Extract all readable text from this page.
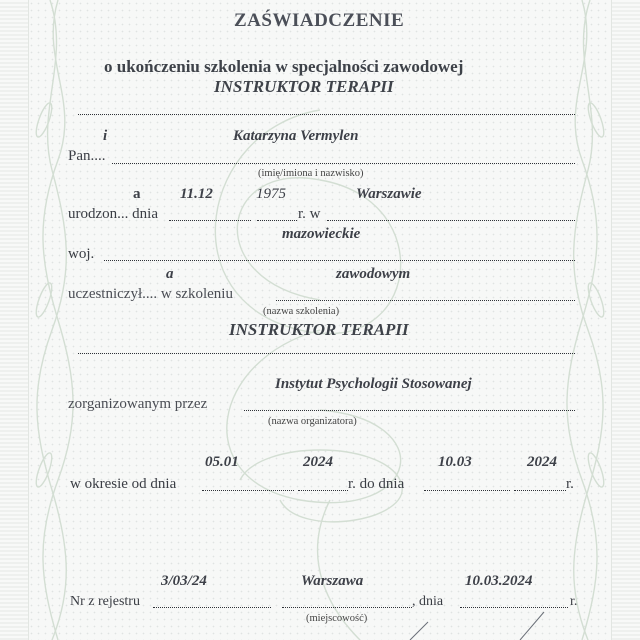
ZAŚWIADCZENIE
o ukończeniu szkolenia w specjalności zawodowej
INSTRUKTOR TERAPII
i	Katarzyna Vermylen
Pan....
(imię/imiona i nazwisko)
a	11.12	1975	Warszawie
urodzon... dnia	r. w
mazowieckie
woj.
a	zawodowym
uczestniczył.... w szkoleniu
(nazwa szkolenia)
INSTRUKTOR TERAPII
Instytut Psychologii Stosowanej
zorganizowanym przez
(nazwa organizatora)
05.01	2024	10.03	2024
w okresie od dnia	r. do dnia	r.
3/03/24	Warszawa	10.03.2024
Nr z rejestru	, dnia	r.
(miejscowość)
